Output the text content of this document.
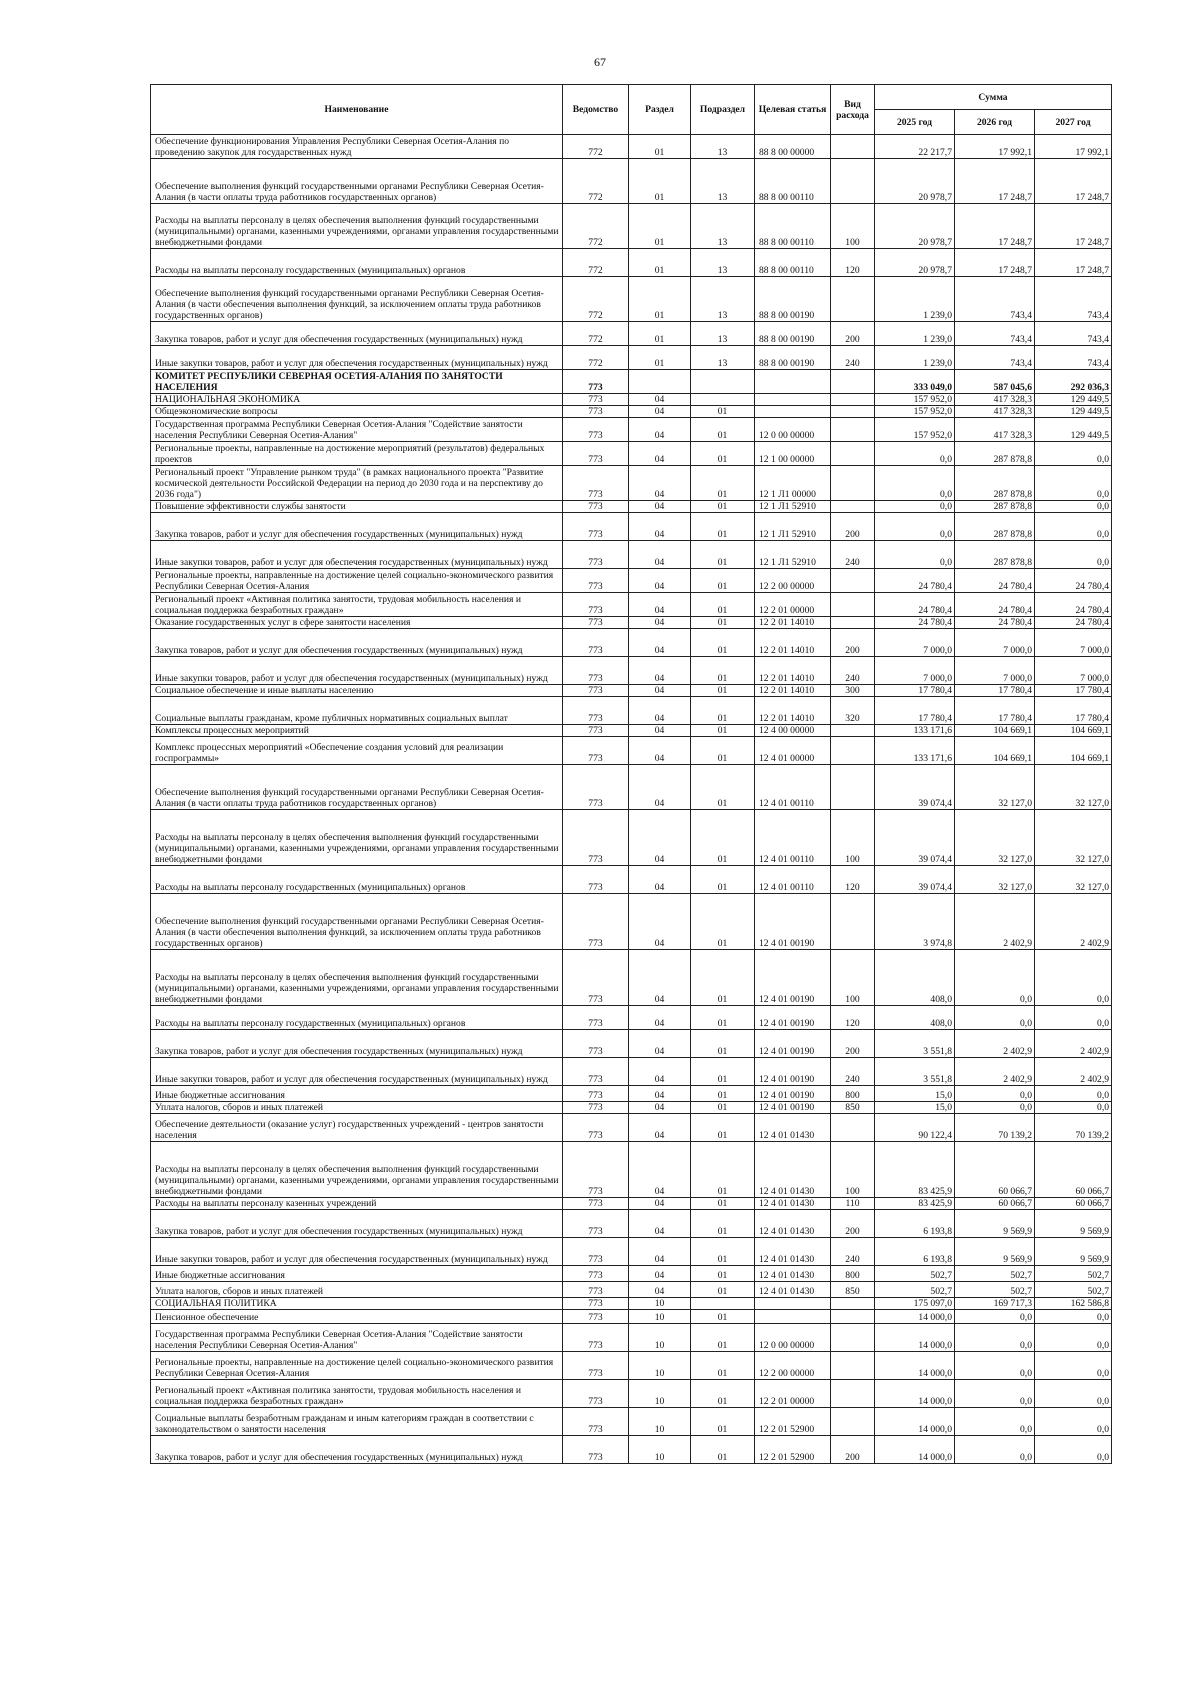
67
Наименование	Ведомство	Раздел	Подраздел	Целевая статья	Вид расхода	Сумма		
						2025 год	2026 год	2027 год
Обеспечение функционирования Управления Республики Северная Осетия-Алания по проведению закупок для государственных нужд	772	01	13	88 8 00 00000		22 217,7	17 992,1	17 992,1
Обеспечение выполнения функций государственными органами Республики Северная Осетия-Алания (в части оплаты труда работников государственных органов)	772	01	13	88 8 00 00110		20 978,7	17 248,7	17 248,7
Расходы на выплаты персоналу в целях обеспечения выполнения функций государственными (муниципальными) органами, казенными учреждениями, органами управления государственными внебюджетными фондами	772	01	13	88 8 00 00110	100	20 978,7	17 248,7	17 248,7
Расходы на выплаты персоналу государственных (муниципальных) органов	772	01	13	88 8 00 00110	120	20 978,7	17 248,7	17 248,7
Обеспечение выполнения функций государственными органами Республики Северная Осетия-Алания (в части обеспечения выполнения функций, за исключением оплаты труда работников государственных органов)	772	01	13	88 8 00 00190		1 239,0	743,4	743,4
Закупка товаров, работ и услуг для обеспечения государственных (муниципальных) нужд	772	01	13	88 8 00 00190	200	1 239,0	743,4	743,4
Иные закупки товаров, работ и услуг для обеспечения государственных (муниципальных) нужд	772	01	13	88 8 00 00190	240	1 239,0	743,4	743,4
КОМИТЕТ РЕСПУБЛИКИ СЕВЕРНАЯ ОСЕТИЯ-АЛАНИЯ ПО ЗАНЯТОСТИ НАСЕЛЕНИЯ	773					333 049,0	587 045,6	292 036,3
НАЦИОНАЛЬНАЯ ЭКОНОМИКА	773	04				157 952,0	417 328,3	129 449,5
Общеэкономические вопросы	773	04	01			157 952,0	417 328,3	129 449,5
Государственная программа Республики Северная Осетия-Алания "Содействие занятости населения Республики Северная Осетия-Алания"	773	04	01	12 0 00 00000		157 952,0	417 328,3	129 449,5
Региональные проекты, направленные на достижение мероприятий (результатов) федеральных проектов	773	04	01	12 1 00 00000		0,0	287 878,8	0,0
Региональный проект "Управление рынком труда" (в рамках национального проекта "Развитие космической деятельности Российской Федерации на период до 2030 года и на перспективу до 2036 года")	773	04	01	12 1 Л1 00000		0,0	287 878,8	0,0
Повышение эффективности службы занятости	773	04	01	12 1 Л1 52910		0,0	287 878,8	0,0
Закупка товаров, работ и услуг для обеспечения государственных (муниципальных) нужд	773	04	01	12 1 Л1 52910	200	0,0	287 878,8	0,0
Иные закупки товаров, работ и услуг для обеспечения государственных (муниципальных) нужд	773	04	01	12 1 Л1 52910	240	0,0	287 878,8	0,0
Региональные проекты, направленные на достижение целей социально-экономического развития Республики Северная Осетия-Алания	773	04	01	12 2 00 00000		24 780,4	24 780,4	24 780,4
Региональный проект «Активная политика занятости, трудовая мобильность населения и социальная поддержка безработных граждан»	773	04	01	12 2 01 00000		24 780,4	24 780,4	24 780,4
Оказание государственных услуг в сфере занятости населения	773	04	01	12 2 01 14010		24 780,4	24 780,4	24 780,4
Закупка товаров, работ и услуг для обеспечения государственных (муниципальных) нужд	773	04	01	12 2 01 14010	200	7 000,0	7 000,0	7 000,0
Иные закупки товаров, работ и услуг для обеспечения государственных (муниципальных) нужд	773	04	01	12 2 01 14010	240	7 000,0	7 000,0	7 000,0
Социальное обеспечение и иные выплаты населению	773	04	01	12 2 01 14010	300	17 780,4	17 780,4	17 780,4
Социальные выплаты гражданам, кроме публичных нормативных социальных выплат	773	04	01	12 2 01 14010	320	17 780,4	17 780,4	17 780,4
Комплексы процессных мероприятий	773	04	01	12 4 00 00000		133 171,6	104 669,1	104 669,1
Комплекс процессных мероприятий «Обеспечение создания условий для реализации госпрограммы»	773	04	01	12 4 01 00000		133 171,6	104 669,1	104 669,1
Обеспечение выполнения функций государственными органами Республики Северная Осетия-Алания (в части оплаты труда работников государственных органов)	773	04	01	12 4 01 00110		39 074,4	32 127,0	32 127,0
Расходы на выплаты персоналу в целях обеспечения выполнения функций государственными (муниципальными) органами, казенными учреждениями, органами управления государственными внебюджетными фондами	773	04	01	12 4 01 00110	100	39 074,4	32 127,0	32 127,0
Расходы на выплаты персоналу государственных (муниципальных) органов	773	04	01	12 4 01 00110	120	39 074,4	32 127,0	32 127,0
Обеспечение выполнения функций государственными органами Республики Северная Осетия-Алания (в части обеспечения выполнения функций, за исключением оплаты труда работников государственных органов)	773	04	01	12 4 01 00190		3 974,8	2 402,9	2 402,9
Расходы на выплаты персоналу в целях обеспечения выполнения функций государственными (муниципальными) органами, казенными учреждениями, органами управления государственными внебюджетными фондами	773	04	01	12 4 01 00190	100	408,0	0,0	0,0
Расходы на выплаты персоналу государственных (муниципальных) органов	773	04	01	12 4 01 00190	120	408,0	0,0	0,0
Закупка товаров, работ и услуг для обеспечения государственных (муниципальных) нужд	773	04	01	12 4 01 00190	200	3 551,8	2 402,9	2 402,9
Иные закупки товаров, работ и услуг для обеспечения государственных (муниципальных) нужд	773	04	01	12 4 01 00190	240	3 551,8	2 402,9	2 402,9
Иные бюджетные ассигнования	773	04	01	12 4 01 00190	800	15,0	0,0	0,0
Уплата налогов, сборов и иных платежей	773	04	01	12 4 01 00190	850	15,0	0,0	0,0
Обеспечение деятельности (оказание услуг) государственных учреждений - центров занятости населения	773	04	01	12 4 01 01430		90 122,4	70 139,2	70 139,2
Расходы на выплаты персоналу в целях обеспечения выполнения функций государственными (муниципальными) органами, казенными учреждениями, органами управления государственными внебюджетными фондами	773	04	01	12 4 01 01430	100	83 425,9	60 066,7	60 066,7
Расходы на выплаты персоналу казенных учреждений	773	04	01	12 4 01 01430	110	83 425,9	60 066,7	60 066,7
Закупка товаров, работ и услуг для обеспечения государственных (муниципальных) нужд	773	04	01	12 4 01 01430	200	6 193,8	9 569,9	9 569,9
Иные закупки товаров, работ и услуг для обеспечения государственных (муниципальных) нужд	773	04	01	12 4 01 01430	240	6 193,8	9 569,9	9 569,9
Иные бюджетные ассигнования	773	04	01	12 4 01 01430	800	502,7	502,7	502,7
Уплата налогов, сборов и иных платежей	773	04	01	12 4 01 01430	850	502,7	502,7	502,7
СОЦИАЛЬНАЯ ПОЛИТИКА	773	10				175 097,0	169 717,3	162 586,8
Пенсионное обеспечение	773	10	01			14 000,0	0,0	0,0
Государственная программа Республики Северная Осетия-Алания "Содействие занятости населения Республики Северная Осетия-Алания"	773	10	01	12 0 00 00000		14 000,0	0,0	0,0
Региональные проекты, направленные на достижение целей социально-экономического развития Республики Северная Осетия-Алания	773	10	01	12 2 00 00000		14 000,0	0,0	0,0
Региональный проект «Активная политика занятости, трудовая мобильность населения и социальная поддержка безработных граждан»	773	10	01	12 2 01 00000		14 000,0	0,0	0,0
Социальные выплаты безработным гражданам и иным категориям граждан в соответствии с законодательством о занятости населения	773	10	01	12 2 01 52900		14 000,0	0,0	0,0
Закупка товаров, работ и услуг для обеспечения государственных (муниципальных) нужд	773	10	01	12 2 01 52900	200	14 000,0	0,0	0,0
